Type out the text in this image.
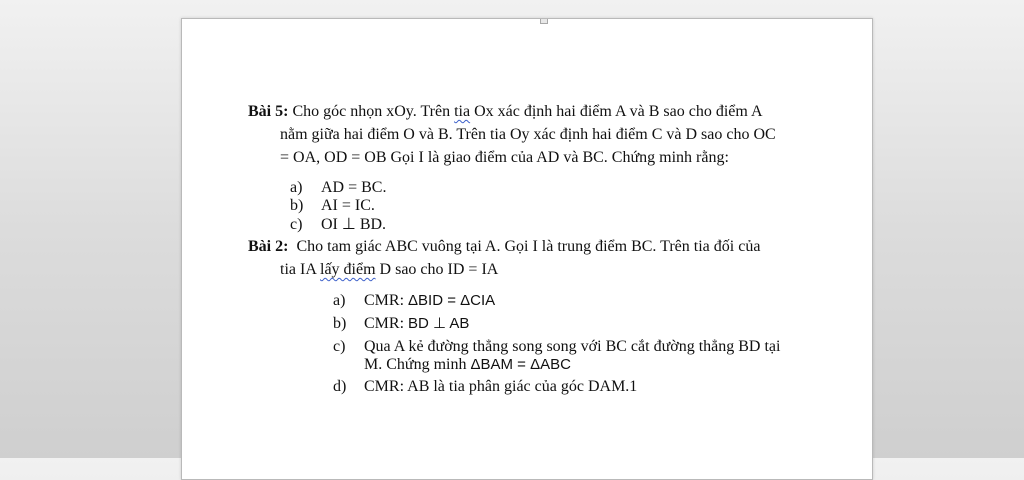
Bài 5: Cho góc nhọn xOy. Trên tia Ox xác định hai điểm A và B sao cho điểm A
nằm giữa hai điểm O và B. Trên tia Oy xác định hai điểm C và D sao cho OC
= OA, OD = OB Gọi I là giao điểm của AD và BC. Chứng minh rằng:
a) AD = BC.
b) AI = IC.
c) OI ⊥ BD.
Bài 2: Cho tam giác ABC vuông tại A. Gọi I là trung điểm BC. Trên tia đối của
tia IA lấy điểm D sao cho ID = IA
a) CMR: ΔBID = ΔCIA
b) CMR: BD ⊥ AB
c) Qua A kẻ đường thẳng song song với BC cắt đường thẳng BD tại
M. Chứng minh ΔBAM = ΔABC
d) CMR: AB là tia phân giác của góc DAM.1
